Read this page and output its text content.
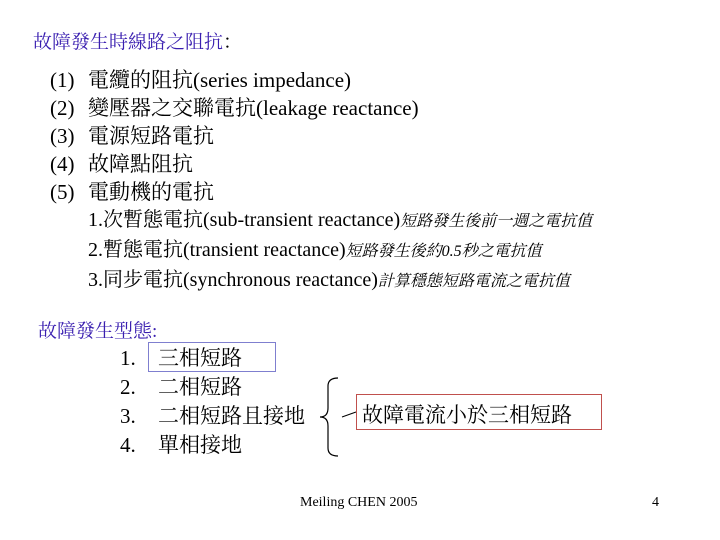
故障發生時線路之阻抗：
(1) 電纜的阻抗(series impedance)
(2) 變壓器之交聯電抗(leakage reactance)
(3) 電源短路電抗
(4) 故障點阻抗
(5) 電動機的電抗
1.次暫態電抗(sub-transient reactance)短路發生後前一週之電抗值
2.暫態電抗(transient reactance)短路發生後約0.5秒之電抗值
3.同步電抗(synchronous reactance)計算穩態短路電流之電抗值
故障發生型態:
1. 三相短路
2. 二相短路
3. 二相短路且接地
4. 單相接地
故障電流小於三相短路
Meiling CHEN 2005	4
